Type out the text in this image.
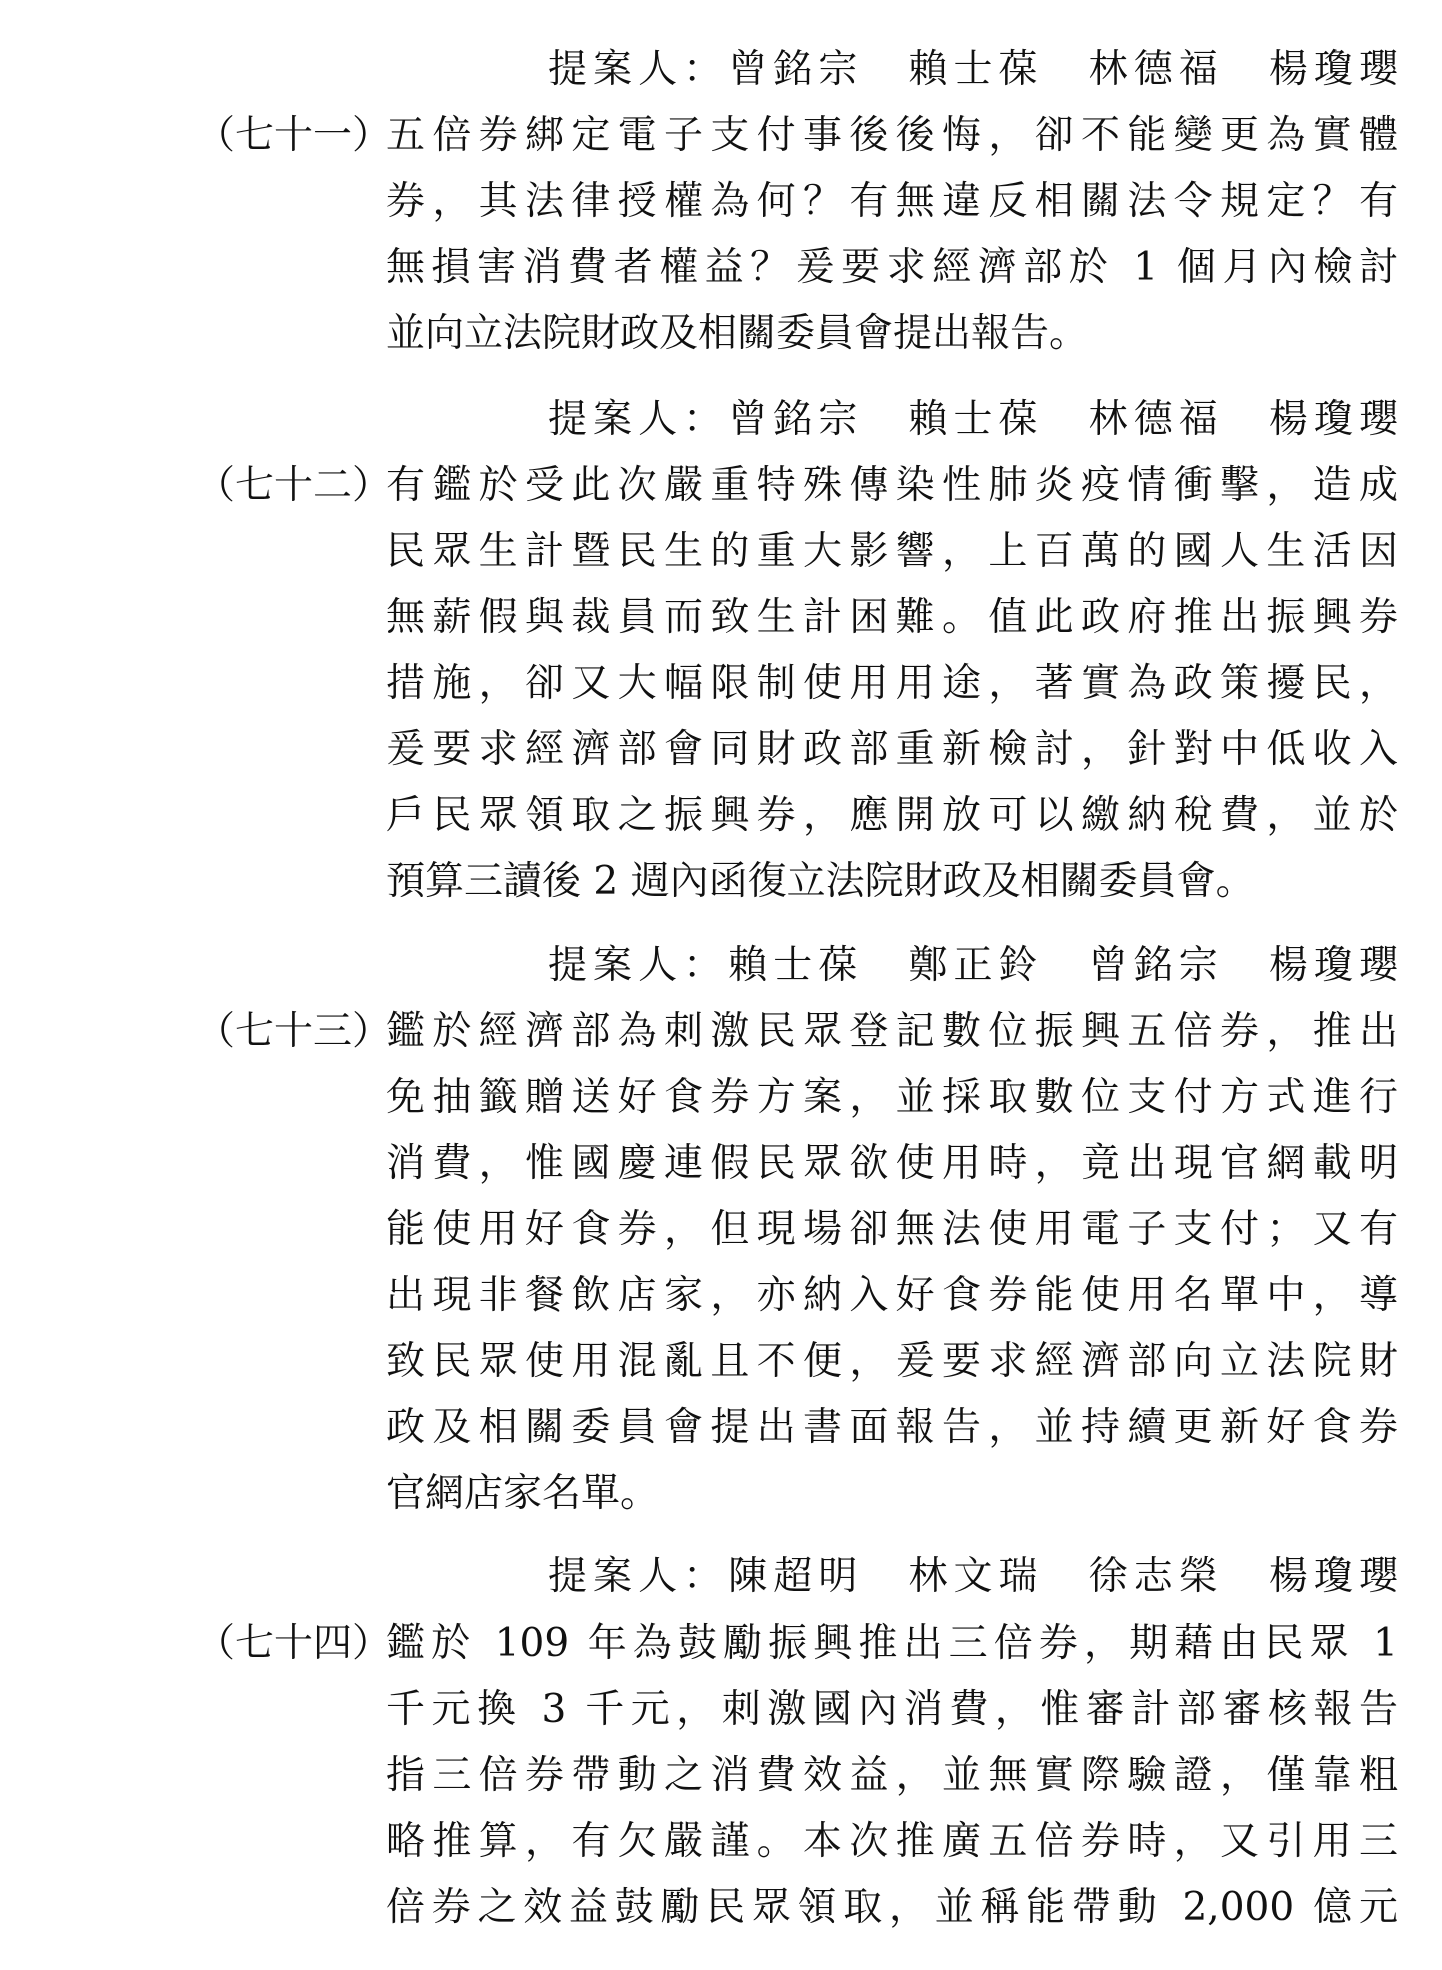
提案人：曾銘宗　賴士葆　林德福　楊瓊瓔
（七十一）
五倍券綁定電子支付事後後悔，卻不能變更為實體
券，其法律授權為何？有無違反相關法令規定？有
無損害消費者權益？爰要求經濟部於 1 個月內檢討
並向立法院財政及相關委員會提出報告。
提案人：曾銘宗　賴士葆　林德福　楊瓊瓔
（七十二）
有鑑於受此次嚴重特殊傳染性肺炎疫情衝擊，造成
民眾生計暨民生的重大影響，上百萬的國人生活因
無薪假與裁員而致生計困難。值此政府推出振興券
措施，卻又大幅限制使用用途，著實為政策擾民，
爰要求經濟部會同財政部重新檢討，針對中低收入
戶民眾領取之振興券，應開放可以繳納稅費，並於
預算三讀後 2 週內函復立法院財政及相關委員會。
提案人：賴士葆　鄭正鈴　曾銘宗　楊瓊瓔
（七十三）
鑑於經濟部為刺激民眾登記數位振興五倍券，推出
免抽籤贈送好食券方案，並採取數位支付方式進行
消費，惟國慶連假民眾欲使用時，竟出現官網載明
能使用好食券，但現場卻無法使用電子支付；又有
出現非餐飲店家，亦納入好食券能使用名單中，導
致民眾使用混亂且不便，爰要求經濟部向立法院財
政及相關委員會提出書面報告，並持續更新好食券
官網店家名單。
提案人：陳超明　林文瑞　徐志榮　楊瓊瓔
（七十四）
鑑於 109 年為鼓勵振興推出三倍券，期藉由民眾 1
千元換 3 千元，刺激國內消費，惟審計部審核報告
指三倍券帶動之消費效益，並無實際驗證，僅靠粗
略推算，有欠嚴謹。本次推廣五倍券時，又引用三
倍券之效益鼓勵民眾領取，並稱能帶動 2,000 億元
